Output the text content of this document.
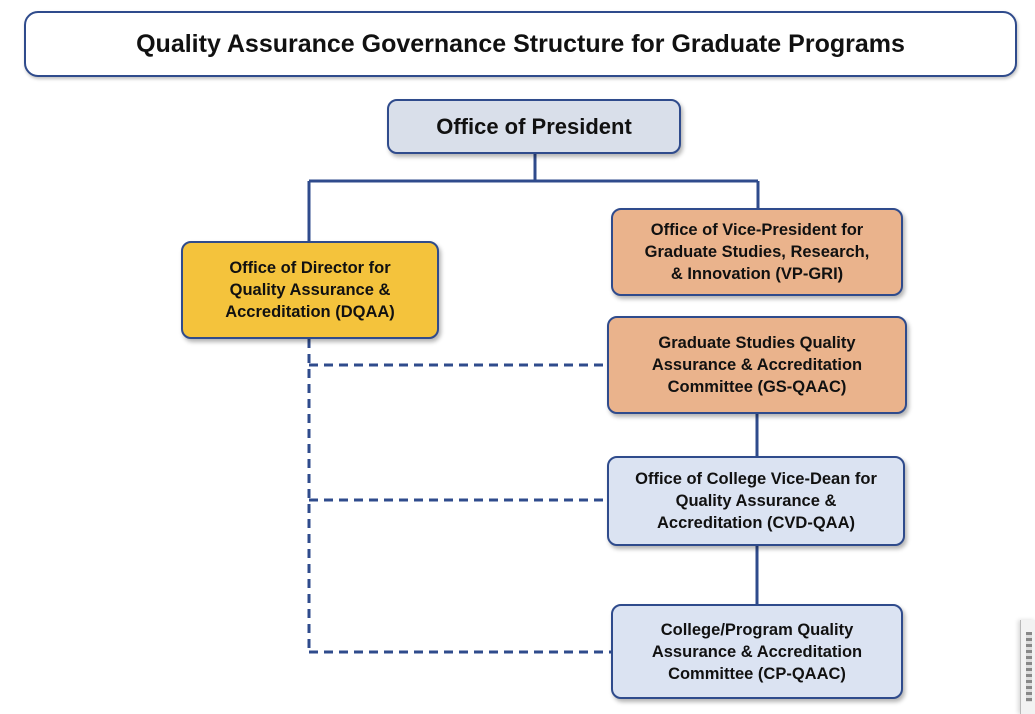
Quality Assurance Governance Structure for Graduate Programs
Office of President
Office of Director for
Quality Assurance &
Accreditation (DQAA)
Office of Vice-President for
Graduate Studies, Research,
& Innovation (VP-GRI)
Graduate Studies Quality
Assurance & Accreditation
Committee (GS-QAAC)
Office of College Vice-Dean for
Quality Assurance &
Accreditation (CVD-QAA)
College/Program Quality
Assurance & Accreditation
Committee (CP-QAAC)
